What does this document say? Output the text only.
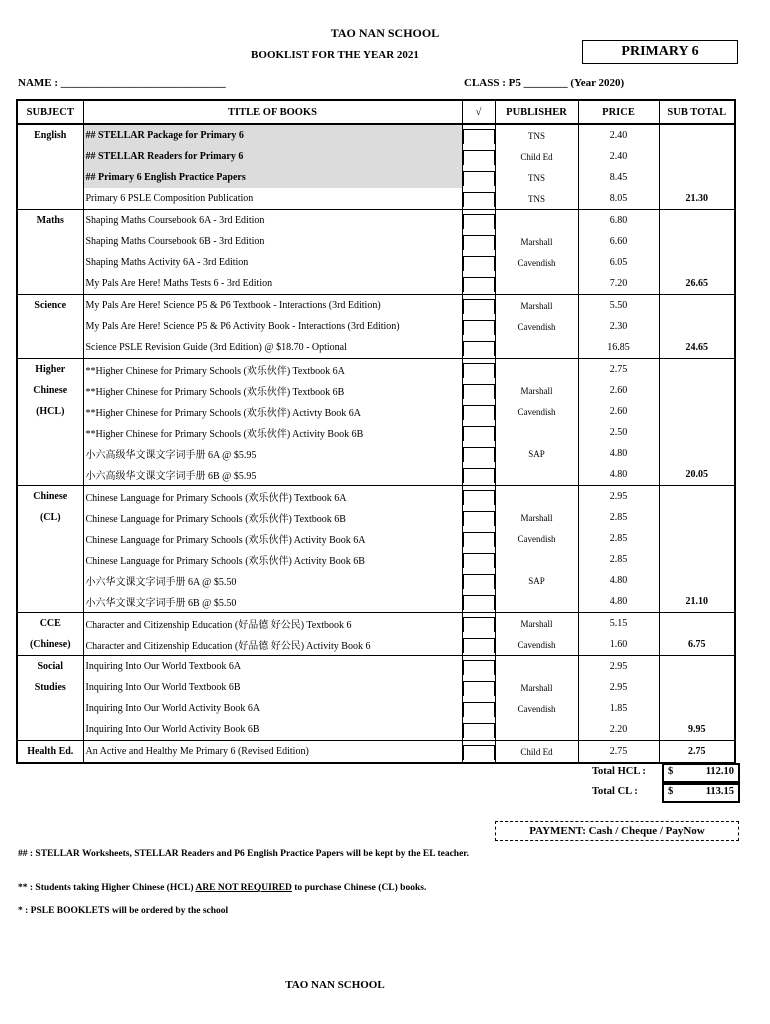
TAO NAN SCHOOL
BOOKLIST FOR THE YEAR 2021	PRIMARY 6
NAME : ______________________________	CLASS : P5 ________ (Year 2020)
SUBJECT	TITLE OF BOOKS	√	PUBLISHER	PRICE	SUB TOTAL
English	## STELLAR Package for Primary 6		TNS	2.40	
	## STELLAR Readers for Primary 6		Child Ed	2.40	
	## Primary 6 English Practice Papers		TNS	8.45	
	Primary 6 PSLE Composition Publication		TNS	8.05	21.30
Maths	Shaping Maths Coursebook 6A - 3rd Edition			6.80	
	Shaping Maths Coursebook 6B - 3rd Edition		Marshall	6.60	
	Shaping Maths Activity 6A - 3rd Edition		Cavendish	6.05	
	My Pals Are Here! Maths Tests 6 - 3rd Edition			7.20	26.65
Science	My Pals Are Here! Science P5 & P6 Textbook - Interactions (3rd Edition)		Marshall	5.50	
	My Pals Are Here! Science P5 & P6 Activity Book - Interactions (3rd Edition)		Cavendish	2.30	
	Science PSLE Revision Guide (3rd Edition) @ $18.70 - Optional			16.85	24.65
Higher	**Higher Chinese for Primary Schools (欢乐伙伴) Textbook 6A			2.75	
Chinese	**Higher Chinese for Primary Schools (欢乐伙伴) Textbook 6B		Marshall	2.60	
(HCL)	**Higher Chinese for Primary Schools (欢乐伙伴) Activty Book 6A		Cavendish	2.60	
	**Higher Chinese for Primary Schools (欢乐伙伴) Activity Book 6B			2.50	
	小六高级华文课文字词手册 6A @ $5.95		SAP	4.80	
	小六高级华文课文字词手册 6B @ $5.95			4.80	20.05
Chinese	Chinese Language for Primary Schools (欢乐伙伴) Textbook 6A			2.95	
(CL)	Chinese Language for Primary Schools (欢乐伙伴) Textbook 6B		Marshall	2.85	
	Chinese Language for Primary Schools (欢乐伙伴) Activity Book 6A		Cavendish	2.85	
	Chinese Language for Primary Schools (欢乐伙伴) Activity Book 6B			2.85	
	小六华文课文字词手册 6A @ $5.50		SAP	4.80	
	小六华文课文字词手册 6B @ $5.50			4.80	21.10
CCE	Character and Citizenship Education (好品德 好公民) Textbook 6		Marshall	5.15	
(Chinese)	Character and Citizenship Education (好品德 好公民) Activity Book 6		Cavendish	1.60	6.75
Social	Inquiring Into Our World Textbook 6A			2.95	
Studies	Inquiring Into Our World Textbook 6B		Marshall	2.95	
	Inquiring Into Our World Activity Book 6A		Cavendish	1.85	
	Inquiring Into Our World Activity Book 6B			2.20	9.95
Health Ed.	An Active and Healthy Me Primary 6 (Revised Edition)		Child Ed	2.75	2.75
Total HCL : $	112.10
Total CL :	$	113.15
PAYMENT: Cash / Cheque / PayNow
## : STELLAR Worksheets, STELLAR Readers and P6 English Practice Papers will be kept by the EL teacher.
** : Students taking Higher Chinese (HCL) ARE NOT REQUIRED to purchase Chinese (CL) books.
* : PSLE BOOKLETS will be ordered by the school
TAO NAN SCHOOL
